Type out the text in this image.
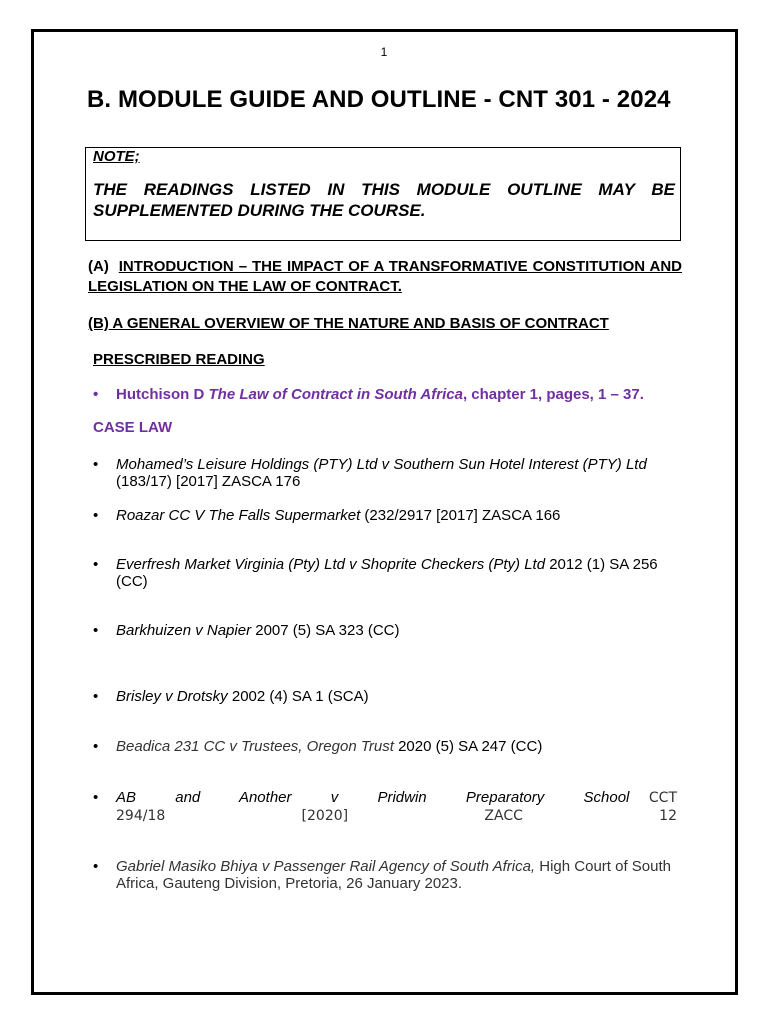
1
B. MODULE GUIDE AND OUTLINE - CNT 301 - 2024
NOTE;
THE READINGS LISTED IN THIS MODULE OUTLINE MAY BE SUPPLEMENTED DURING THE COURSE.
(A) INTRODUCTION – THE IMPACT OF A TRANSFORMATIVE CONSTITUTION AND LEGISLATION ON THE LAW OF CONTRACT.
(B) A GENERAL OVERVIEW OF THE NATURE AND BASIS OF CONTRACT
PRESCRIBED READING
• Hutchison D The Law of Contract in South Africa, chapter 1, pages, 1 – 37.
CASE LAW
• Mohamed’s Leisure Holdings (PTY) Ltd v Southern Sun Hotel Interest (PTY) Ltd (183/17) [2017] ZASCA 176
• Roazar CC V The Falls Supermarket (232/2917 [2017] ZASCA 166
• Everfresh Market Virginia (Pty) Ltd v Shoprite Checkers (Pty) Ltd 2012 (1) SA 256 (CC)
• Barkhuizen v Napier 2007 (5) SA 323 (CC)
• Brisley v Drotsky 2002 (4) SA 1 (SCA)
• Beadica 231 CC v Trustees, Oregon Trust 2020 (5) SA 247 (CC)
• AB and Another v Pridwin Preparatory School CCT 294/18 [2020] ZACC 12
• Gabriel Masiko Bhiya v Passenger Rail Agency of South Africa, High Court of South Africa, Gauteng Division, Pretoria, 26 January 2023.
